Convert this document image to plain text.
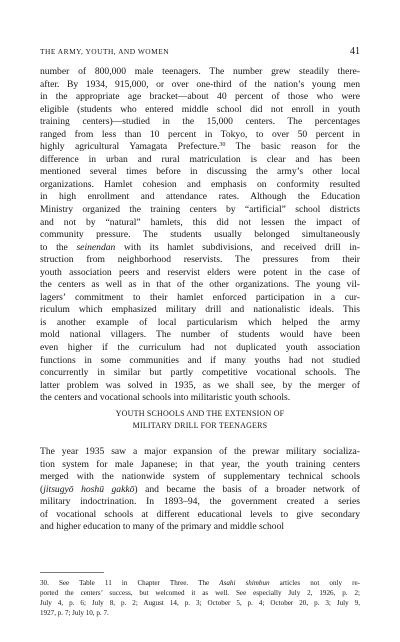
THE ARMY, YOUTH, AND WOMEN	41
number of 800,000 male teenagers. The number grew steadily there-
after. By 1934, 915,000, or over one-third of the nation’s young men
in the appropriate age bracket—about 40 percent of those who were
eligible (students who entered middle school did not enroll in youth
training centers)—studied in the 15,000 centers. The percentages
ranged from less than 10 percent in Tokyo, to over 50 percent in
highly agricultural Yamagata Prefecture.$^{30}$ The basic reason for the
difference in urban and rural matriculation is clear and has been
mentioned several times before in discussing the army’s other local
organizations. Hamlet cohesion and emphasis on conformity resulted
in high enrollment and attendance rates. Although the Education
Ministry organized the training centers by “artificial” school districts
and not by “natural” hamlets, this did not lessen the impact of
community pressure. The students usually belonged simultaneously
to the seinendan with its hamlet subdivisions, and received drill in-
struction from neighborhood reservists. The pressures from their
youth association peers and reservist elders were potent in the case of
the centers as well as in that of the other organizations. The young vil-
lagers’ commitment to their hamlet enforced participation in a cur-
riculum which emphasized military drill and nationalistic ideals. This
is another example of local particularism which helped the army
mold national villagers. The number of students would have been
even higher if the curriculum had not duplicated youth association
functions in some communities and if many youths had not studied
concurrently in similar but partly competitive vocational schools. The
latter problem was solved in 1935, as we shall see, by the merger of
the centers and vocational schools into militaristic youth schools.
YOUTH SCHOOLS AND THE EXTENSION OF
MILITARY DRILL FOR TEENAGERS
The year 1935 saw a major expansion of the prewar military socializa-
tion system for male Japanese; in that year, the youth training centers
merged with the nationwide system of supplementary technical schools
(jitsugyō hoshū gakkō) and became the basis of a broader network of
military indoctrination. In 1893–94, the government created a series
of vocational schools at different educational levels to give secondary
and higher education to many of the primary and middle school
30. See Table 11 in Chapter Three. The Asahi shimbun articles not only re-
ported the centers’ success, but welcomed it as well. See especially July 2, 1926, p. 2;
July 4, p. 6; July 8, p. 2; August 14, p. 3; October 5, p. 4; October 20, p. 3; July 9,
1927, p. 7; July 10, p. 7.
